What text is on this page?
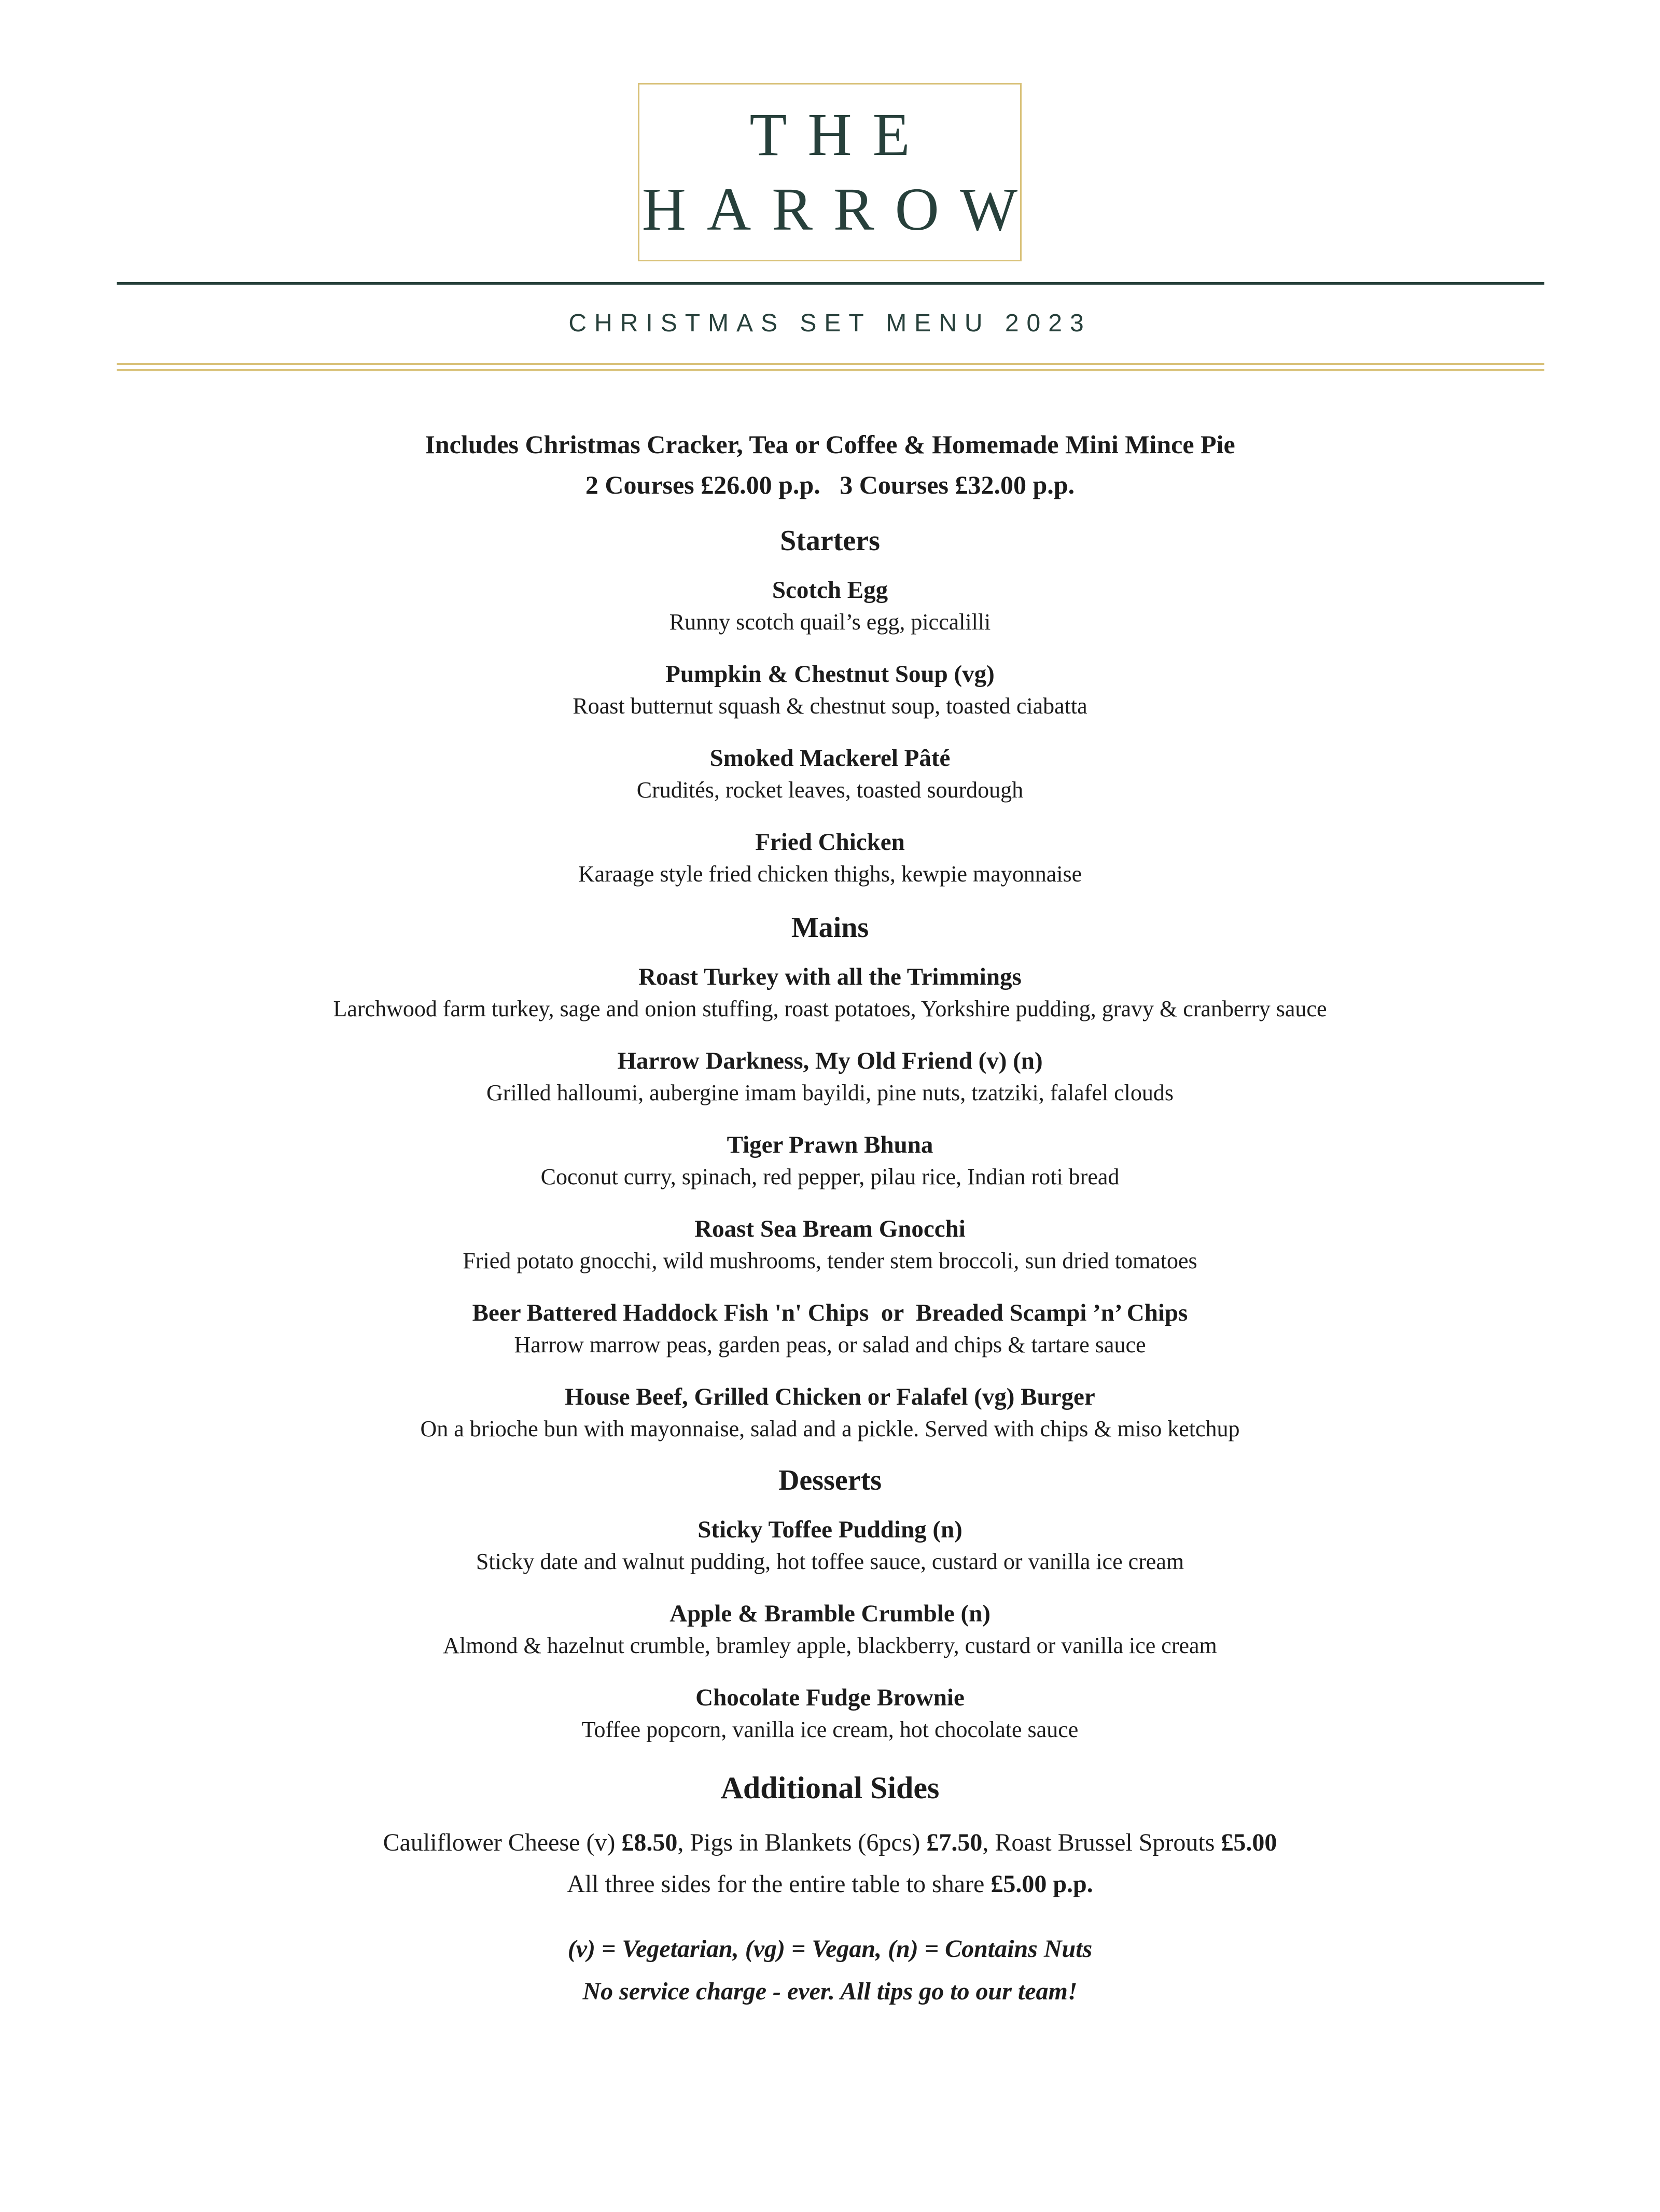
THE
HARROW
CHRISTMAS SET MENU 2023
Includes Christmas Cracker, Tea or Coffee & Homemade Mini Mince Pie
2 Courses £26.00 p.p.   3 Courses £32.00 p.p.
Starters
Scotch Egg
Runny scotch quail’s egg, piccalilli
Pumpkin & Chestnut Soup (vg)
Roast butternut squash & chestnut soup, toasted ciabatta
Smoked Mackerel Pâté
Crudités, rocket leaves, toasted sourdough
Fried Chicken
Karaage style fried chicken thighs, kewpie mayonnaise
Mains
Roast Turkey with all the Trimmings
Larchwood farm turkey, sage and onion stuffing, roast potatoes, Yorkshire pudding, gravy & cranberry sauce
Harrow Darkness, My Old Friend (v) (n)
Grilled halloumi, aubergine imam bayildi, pine nuts, tzatziki, falafel clouds
Tiger Prawn Bhuna
Coconut curry, spinach, red pepper, pilau rice, Indian roti bread
Roast Sea Bream Gnocchi
Fried potato gnocchi, wild mushrooms, tender stem broccoli, sun dried tomatoes
Beer Battered Haddock Fish 'n' Chips  or  Breaded Scampi ’n’ Chips
Harrow marrow peas, garden peas, or salad and chips & tartare sauce
House Beef, Grilled Chicken or Falafel (vg) Burger
On a brioche bun with mayonnaise, salad and a pickle. Served with chips & miso ketchup
Desserts
Sticky Toffee Pudding (n)
Sticky date and walnut pudding, hot toffee sauce, custard or vanilla ice cream
Apple & Bramble Crumble (n)
Almond & hazelnut crumble, bramley apple, blackberry, custard or vanilla ice cream
Chocolate Fudge Brownie
Toffee popcorn, vanilla ice cream, hot chocolate sauce
Additional Sides
Cauliflower Cheese (v) £8.50, Pigs in Blankets (6pcs) £7.50, Roast Brussel Sprouts £5.00
All three sides for the entire table to share £5.00 p.p.
(v) = Vegetarian, (vg) = Vegan, (n) = Contains Nuts
No service charge - ever. All tips go to our team!
